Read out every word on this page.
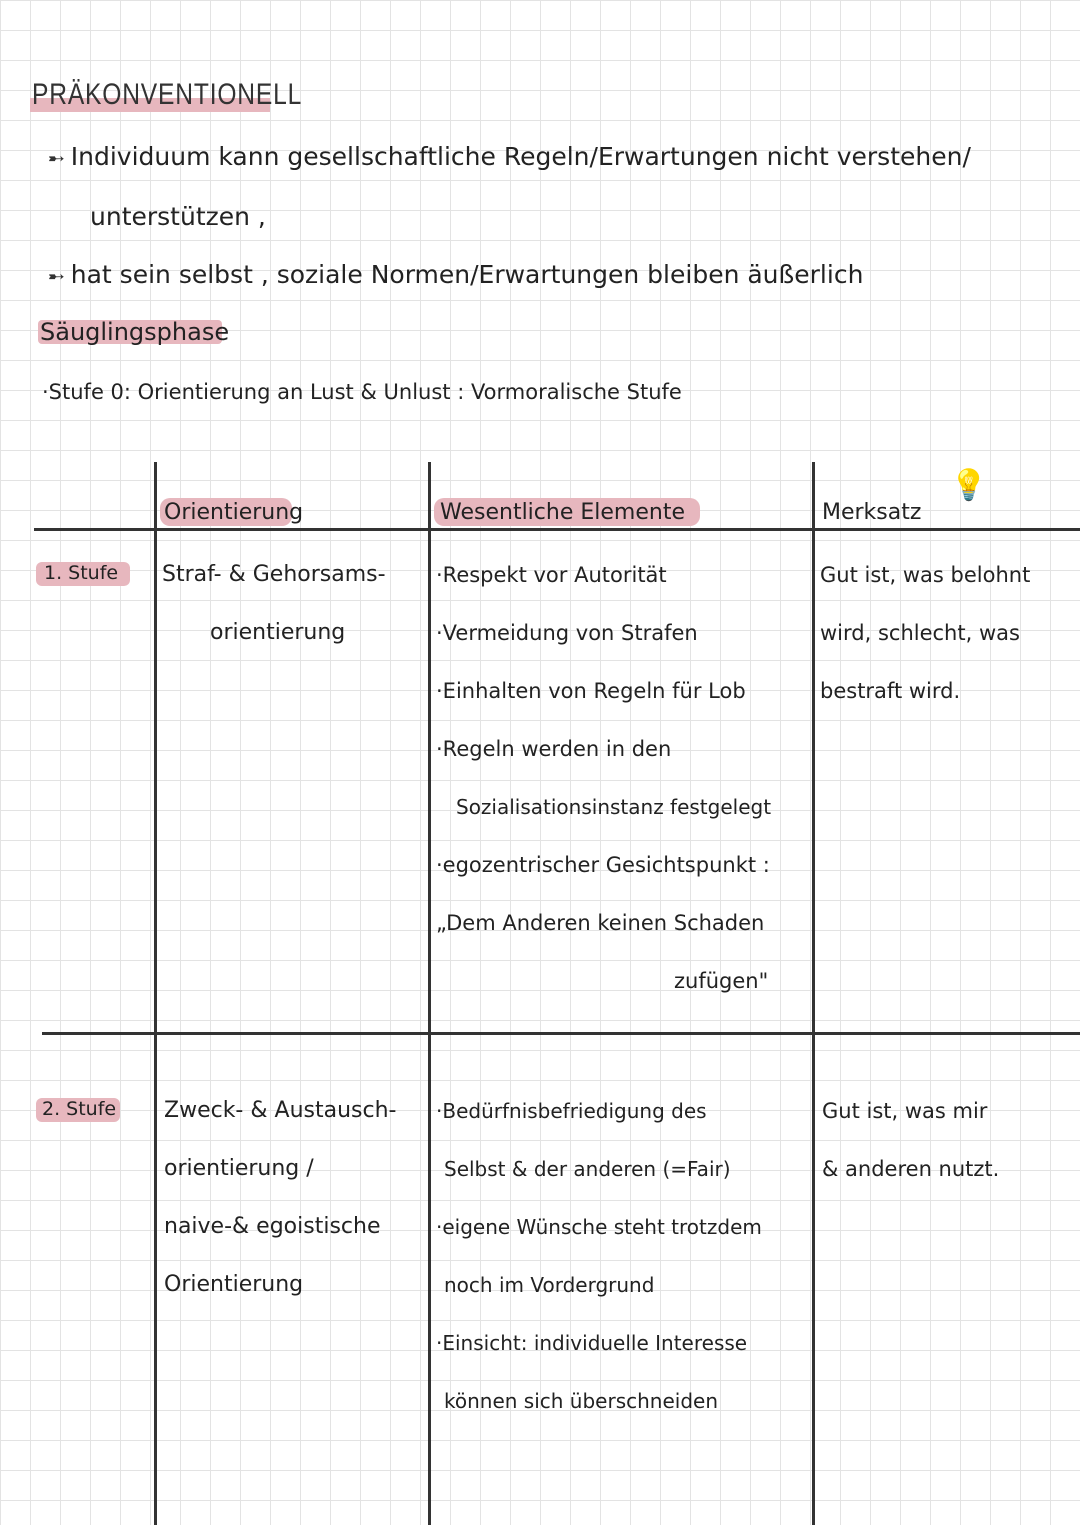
PRÄKONVENTIONELL
➸ Individuum kann gesellschaftliche Regeln/Erwartungen nicht verstehen/
unterstützen ,
➸ hat sein selbst , soziale Normen/Erwartungen bleiben äußerlich
Säuglingsphase
·Stufe 0: Orientierung an Lust & Unlust : Vormoralische Stufe
Orientierung	Wesentliche Elemente	Merksatz
💡
1. Stufe Straf- & Gehorsams-
orientierung
·Respekt vor Autorität
·Vermeidung von Strafen
·Einhalten von Regeln für Lob
·Regeln werden in den
Sozialisationsinstanz festgelegt
·egozentrischer Gesichtspunkt :
„Dem Anderen keinen Schaden
zufügen"
Gut ist, was belohnt
wird, schlecht, was
bestraft wird.
2. Stufe Zweck- & Austausch-
orientierung /
naive-& egoistische
Orientierung
·Bedürfnisbefriedigung des
Selbst & der anderen (=Fair)
·eigene Wünsche steht trotzdem
noch im Vordergrund
·Einsicht: individuelle Interesse
können sich überschneiden
Gut ist, was mir
& anderen nutzt.
